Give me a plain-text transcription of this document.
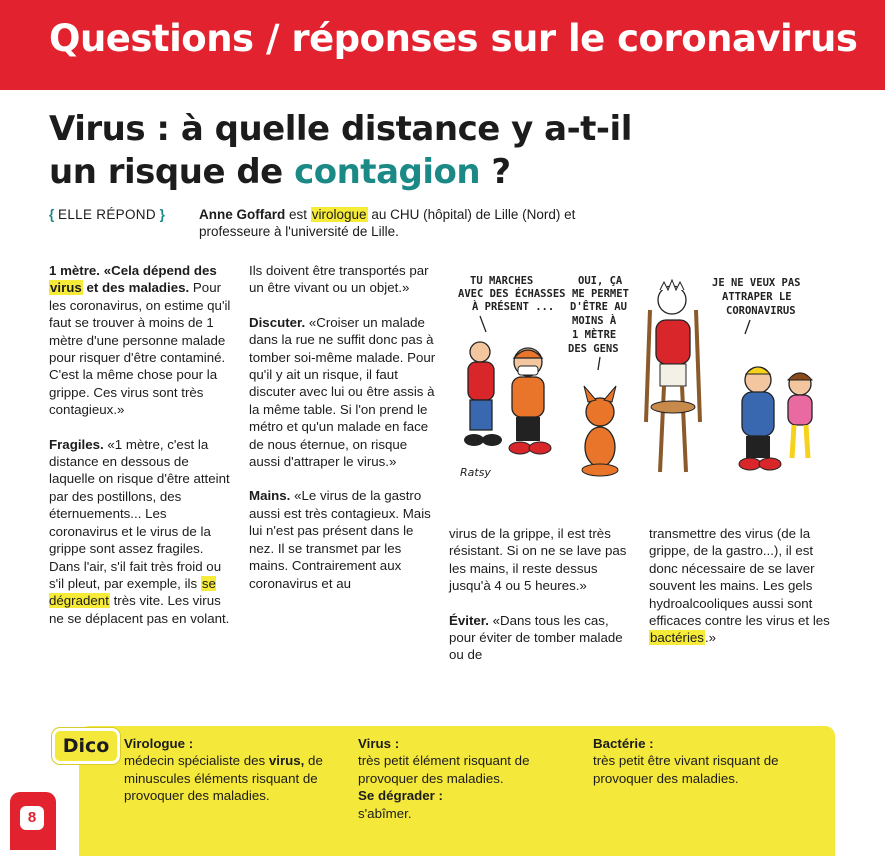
Questions / réponses sur le coronavirus
Virus : à quelle distance y a-t-il
un risque de contagion ?
{ ELLE RÉPOND }	Anne Goffard est virologue au CHU (hôpital) de Lille (Nord) et professeure à l'université de Lille.

1 mètre. «Cela dépend des virus et des maladies. Pour les coronavirus, on estime qu'il faut se trouver à moins de 1 mètre d'une personne malade pour risquer d'être contaminé. C'est la même chose pour la grippe. Ces virus sont très contagieux.»

Fragiles. «1 mètre, c'est la distance en dessous de laquelle on risque d'être atteint par des postillons, des éternuements... Les coronavirus et le virus de la grippe sont assez fragiles. Dans l'air, s'il fait très froid ou s'il pleut, par exemple, ils se dégradent très vite. Les virus ne se déplacent pas en volant.

Ils doivent être transportés par un être vivant ou un objet.»

Discuter. «Croiser un malade dans la rue ne suffit donc pas à tomber soi-même malade. Pour qu'il y ait un risque, il faut discuter avec lui ou être assis à la même table. Si l'on prend le métro et qu'un malade en face de nous éternue, on risque aussi d'attraper le virus.»

Mains. «Le virus de la gastro aussi est très contagieux. Mais lui n'est pas présent dans le nez. Il se transmet par les mains. Contrairement aux coronavirus et au

virus de la grippe, il est très résistant. Si on ne se lave pas les mains, il reste dessus jusqu'à 4 ou 5 heures.»

Éviter. «Dans tous les cas, pour éviter de tomber malade ou de

transmettre des virus (de la grippe, de la gastro...), il est donc nécessaire de se laver souvent les mains. Les gels hydroalcooliques aussi sont efficaces contre les virus et les bactéries.»

TU MARCHES
AVEC DES ÉCHASSES
À PRÉSENT ...
OUI, ÇA
ME PERMET
D'ÊTRE AU
MOINS À
1 MÈTRE
DES GENS
JE NE VEUX PAS
ATTRAPER LE
CORONAVIRUS
Ratsy
Dico	Virologue :
médecin spécialiste des virus, de minuscules éléments risquant de provoquer des maladies.
Virus :
très petit élément risquant de provoquer des maladies.
Se dégrader :
s'abîmer.
Bactérie :
très petit être vivant risquant de provoquer des maladies.
8
